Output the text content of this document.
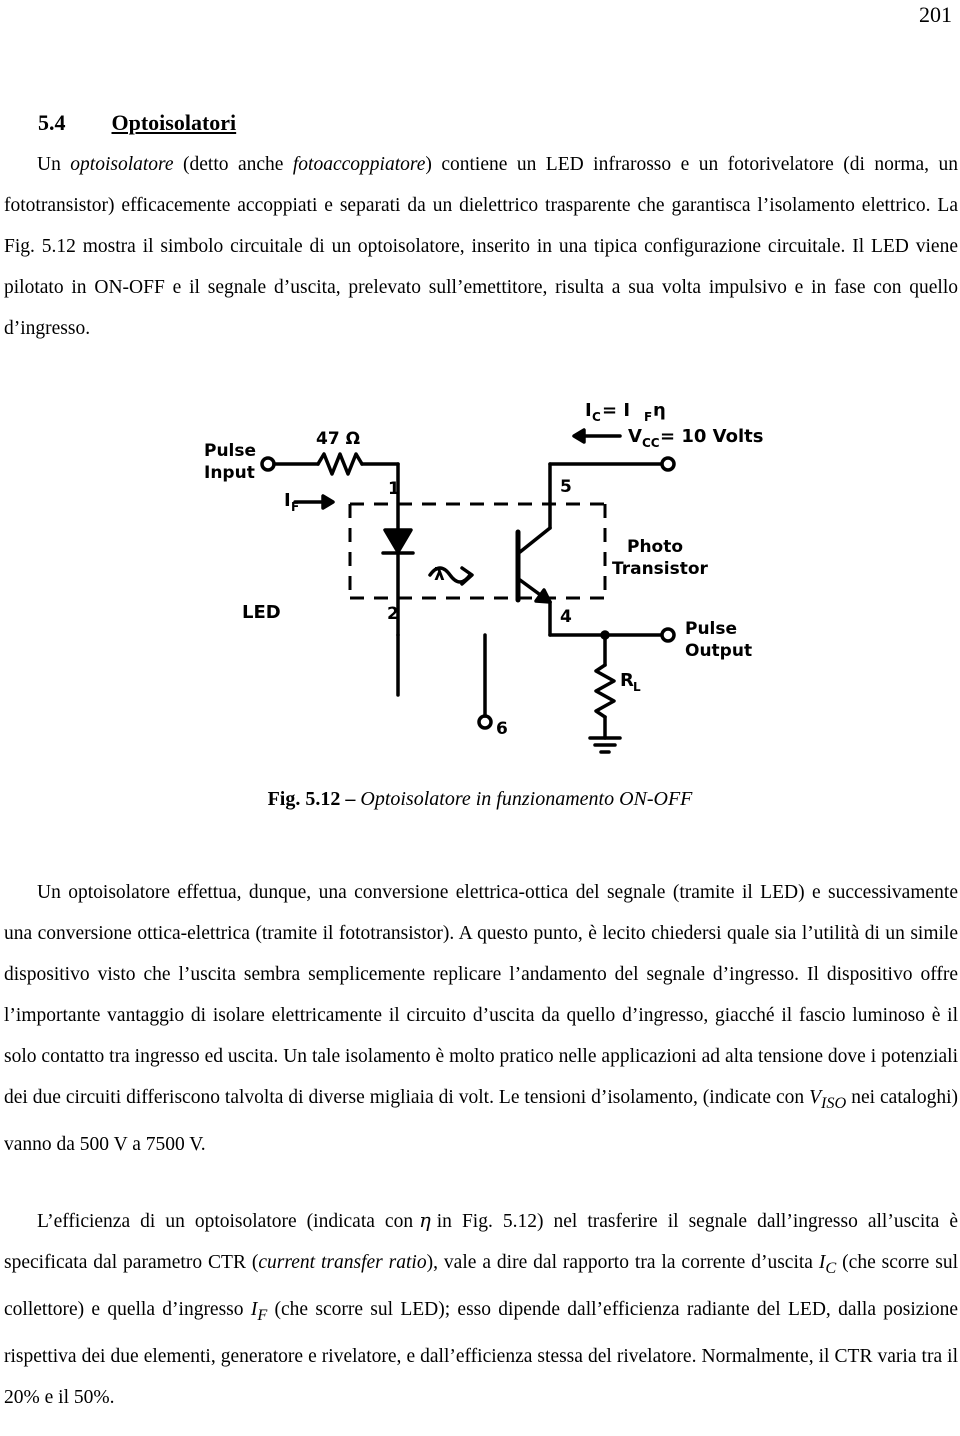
201
5.4 Optoisolatori

Un optoisolatore (detto anche fotoaccoppiatore) contiene un LED infrarosso e un fotorivelatore (di norma, un fototransistor) efficacemente accoppiati e separati da un dielettrico trasparente che garantisca l’isolamento elettrico. La Fig. 5.12 mostra il simbolo circuitale di un optoisolatore, inserito in una tipica configurazione circuitale. Il LED viene pilotato in ON-OFF e il segnale d’uscita, prelevato sull’emettitore, risulta a sua volta impulsivo e in fase con quello d’ingresso.

Pulse
Input
47 Ω
I F
1
2	4
5
6
LED
λ
I C = I F η
V CC = 10 Volts
Photo
Transistor
Pulse
Output
R L
Fig. 5.12 – Optoisolatore in funzionamento ON-OFF

Un optoisolatore effettua, dunque, una conversione elettrica-ottica del segnale (tramite il LED) e successivamente una conversione ottica-elettrica (tramite il fototransistor). A questo punto, è lecito chiedersi quale sia l’utilità di un simile dispositivo visto che l’uscita sembra semplicemente replicare l’andamento del segnale d’ingresso. Il dispositivo offre l’importante vantaggio di isolare elettricamente il circuito d’uscita da quello d’ingresso, giacché il fascio luminoso è il solo contatto tra ingresso ed uscita. Un tale isolamento è molto pratico nelle applicazioni ad alta tensione dove i potenziali dei due circuiti differiscono talvolta di diverse migliaia di volt. Le tensioni d’isolamento, (indicate con $V_{ISO}$ nei cataloghi) vanno da 500 V a 7500 V.

L’efficienza di un optoisolatore (indicata con η in Fig. 5.12) nel trasferire il segnale dall’ingresso all’uscita è specificata dal parametro CTR (current transfer ratio), vale a dire dal rapporto tra la corrente d’uscita $I_C$ (che scorre sul collettore) e quella d’ingresso $I_F$ (che scorre sul LED); esso dipende dall’efficienza radiante del LED, dalla posizione rispettiva dei due elementi, generatore e rivelatore, e dall’efficienza stessa del rivelatore. Normalmente, il CTR varia tra il 20% e il 50%.
